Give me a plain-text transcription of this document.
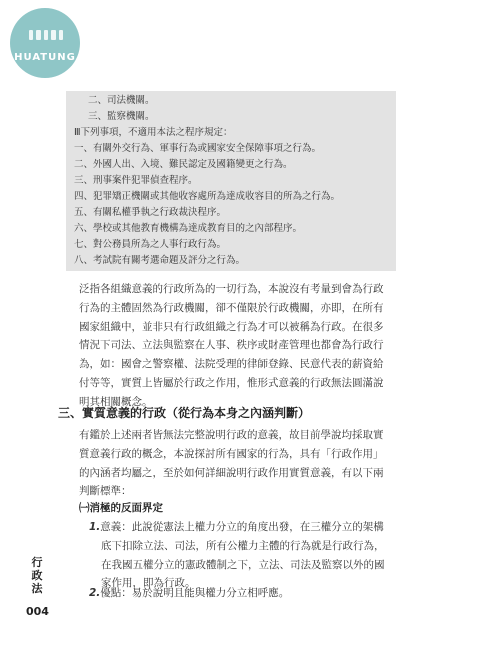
HUATUNG
二、司法機關。
三、監察機關。
Ⅲ下列事項，不適用本法之程序規定：
一、有關外交行為、軍事行為或國家安全保障事項之行為。
二、外國人出、入境、難民認定及國籍變更之行為。
三、刑事案件犯罪偵查程序。
四、犯罪矯正機關或其他收容處所為達成收容目的所為之行為。
五、有關私權爭執之行政裁決程序。
六、學校或其他教育機構為達成教育目的之內部程序。
七、對公務員所為之人事行政行為。
八、考試院有關考選命題及評分之行為。
泛指各組織意義的行政所為的一切行為，本說沒有考量到會為行政
行為的主體固然為行政機關，卻不僅限於行政機關，亦即，在所有
國家組織中，並非只有行政組織之行為才可以被稱為行政。在很多
情況下司法、立法與監察在人事、秩序或財產管理也都會為行政行
為，如：國會之警察權、法院受理的律師登錄、民意代表的薪資給
付等等，實質上皆屬於行政之作用，惟形式意義的行政無法圓滿說
明其相關概念。
三、實質意義的行政（從行為本身之內涵判斷）
有鑑於上述兩者皆無法完整說明行政的意義，故目前學說均採取實
質意義行政的概念，本說探討所有國家的行為，具有「行政作用」
的內涵者均屬之，至於如何詳細說明行政作用實質意義，有以下兩
判斷標準：
㈠消極的反面界定
1.意義：此說從憲法上權力分立的角度出發，在三權分立的架構
底下扣除立法、司法，所有公權力主體的行為就是行政行為，
在我國五權分立的憲政體制之下，立法、司法及監察以外的國
家作用，即為行政。
2.優點：易於說明且能與權力分立相呼應。
行
政
法
004
